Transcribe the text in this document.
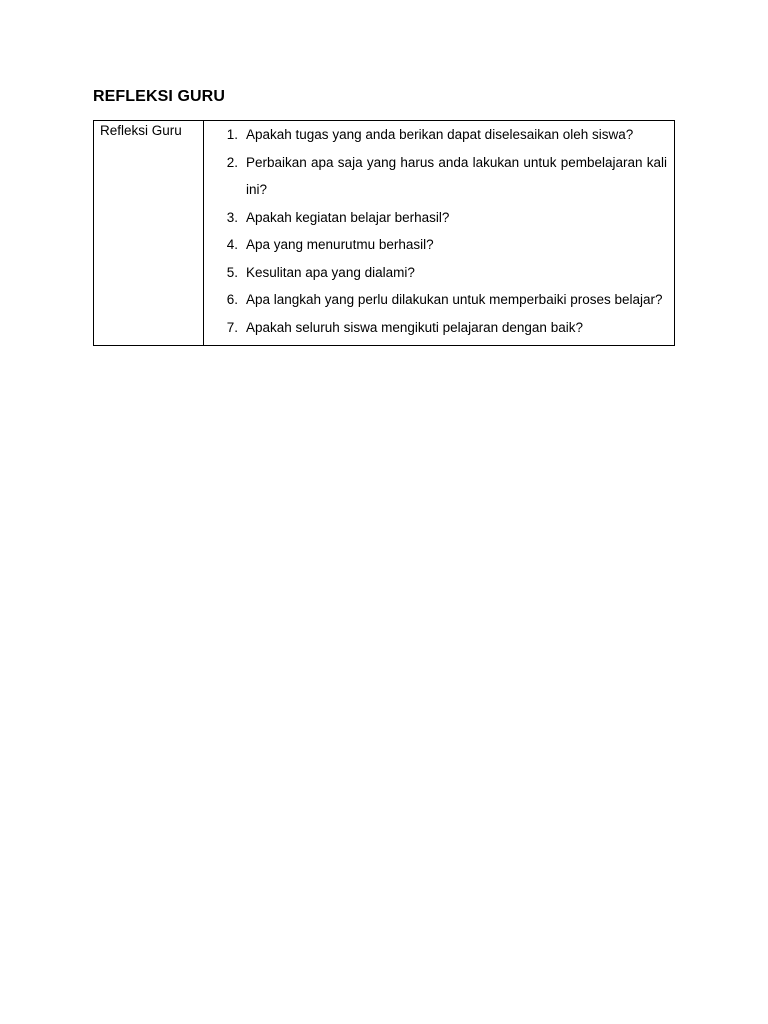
REFLEKSI GURU
Refleksi Guru	1. Apakah tugas yang anda berikan dapat diselesaikan oleh siswa?
2. Perbaikan apa saja yang harus anda lakukan untuk pembelajaran kali ini?
3. Apakah kegiatan belajar berhasil?
4. Apa yang menurutmu berhasil?
5. Kesulitan apa yang dialami?
6. Apa langkah yang perlu dilakukan untuk memperbaiki proses belajar?
7. Apakah seluruh siswa mengikuti pelajaran dengan baik?
